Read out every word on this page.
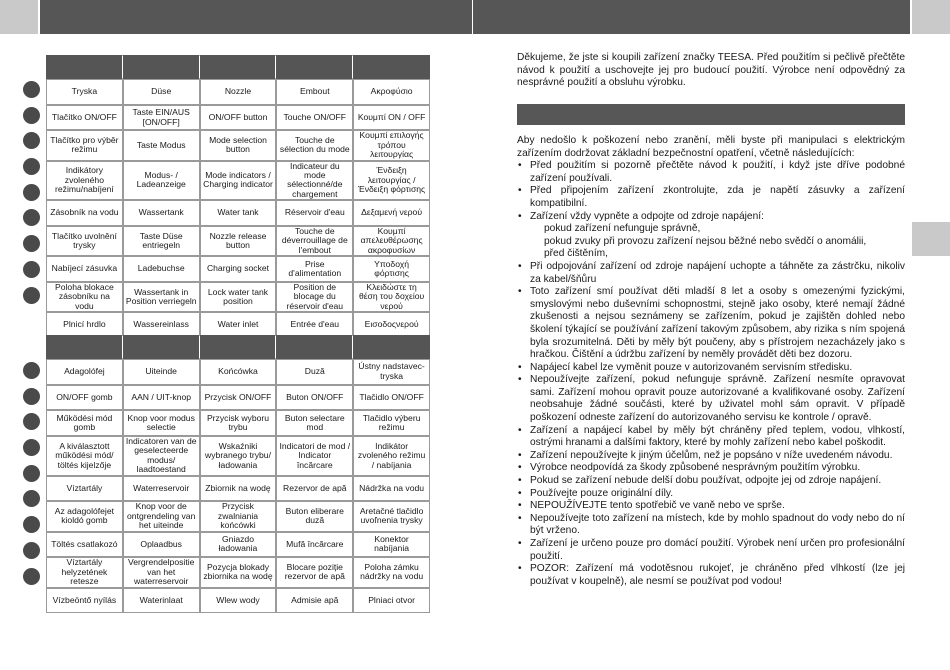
Tryska	Düse	Nozzle	Embout	Ακροφύσιο
Tlačítko ON/OFF	Taste EIN/AUS [ON/OFF]	ON/OFF button	Touche ON/OFF	Κουμπί ON / OFF
Tlačítko pro výběr režimu	Taste Modus	Mode selection button	Touche de sélection du mode	Κουμπί επιλογής τρόπου λειτουργίας
Indikátory zvoleného režimu/nabíjení	Modus- / Ladeanzeige	Mode indicators / Charging indicator	Indicateur du mode sélectionné/de chargement	Ένδειξη λειτουργίας / Ένδειξη φόρτισης
Zásobník na vodu	Wassertank	Water tank	Réservoir d'eau	Δεξαμενή νερού
Tlačítko uvolnění trysky	Taste Düse entriegeln	Nozzle release button	Touche de déverrouillage de l'embout	Κουμπί απελευθέρωσης ακροφυσίων
Nabíjecí zásuvka	Ladebuchse	Charging socket	Prise d'alimentation	Υποδοχή φόρτισης
Poloha blokace zásobníku na vodu	Wassertank in Position verriegeln	Lock water tank position	Position de blocage du réservoir d'eau	Κλειδώστε τη θέση του δοχείου νερού
Plnicí hrdlo	Wassereinlass	Water inlet	Entrée d'eau	Εισοδοςνερού

Adagolófej	Uiteinde	Końcówka	Duză	Ústny nadstavec-tryska
ON/OFF gomb	AAN / UIT-knop	Przycisk ON/OFF	Buton ON/OFF	Tlačidlo ON/OFF
Működési mód gomb	Knop voor modus selectie	Przycisk wyboru trybu	Buton selectare mod	Tlačidlo výberu režimu
A kiválasztott működési mód/ töltés kijelzője	Indicatoren van de geselecteerde modus/ laadtoestand	Wskaźniki wybranego trybu/ładowania	Indicatori de mod / Indicator încărcare	Indikátor zvoleného režimu / nabíjania
Víztartály	Waterreservoir	Zbiornik na wodę	Rezervor de apă	Nádržka na vodu
Az adagolófejet kioldó gomb	Knop voor de ontgrendeling van het uiteinde	Przycisk zwalniania końcówki	Buton eliberare duză	Aretačné tlačidlo uvoľnenia trysky
Töltés csatlakozó	Oplaadbus	Gniazdo ładowania	Mufă încărcare	Konektor nabíjania
Víztartály helyzetének retesze	Vergrendelpositie van het waterreservoir	Pozycja blokady zbiornika na wodę	Blocare poziție rezervor de apă	Poloha zámku nádržky na vodu
Vízbeöntő nyílás	Waterinlaat	Wlew wody	Admisie apă	Plniaci otvor

Děkujeme, že jste si koupili zařízení značky TEESA. Před použitím si pečlivě přečtěte návod k použití a uschovejte jej pro budoucí použití. Výrobce není odpovědný za nesprávné použití a obsluhu výrobku.

Aby nedošlo k poškození nebo zranění, měli byste při manipulaci s elektrickým zařízením dodržovat základní bezpečnostní opatření, včetně následujících:

• Před použitím si pozorně přečtěte návod k použití, i když jste dříve podobné zařízení používali.
• Před připojením zařízení zkontrolujte, zda je napětí zásuvky a zařízení kompatibilní.
• Zařízení vždy vypněte a odpojte od zdroje napájení:
pokud zařízení nefunguje správně,
pokud zvuky při provozu zařízení nejsou běžné nebo svědčí o anomálii,
před čištěním,
• Při odpojování zařízení od zdroje napájení uchopte a táhněte za zástrčku, nikoliv za kabel/šňůru
• Toto zařízení smí používat děti mladší 8 let a osoby s omezenými fyzickými, smyslovými nebo duševními schopnostmi, stejně jako osoby, které nemají žádné zkušenosti a nejsou seznámeny se zařízením, pokud je zajištěn dohled nebo školení týkající se používání zařízení takovým způsobem, aby rizika s ním spojená byla srozumitelná. Děti by měly být poučeny, aby s přístrojem nezacházely jako s hračkou. Čištění a údržbu zařízení by neměly provádět děti bez dozoru.
• Napájecí kabel lze vyměnit pouze v autorizovaném servisním středisku.
• Nepoužívejte zařízení, pokud nefunguje správně. Zařízení nesmíte opravovat sami. Zařízení mohou opravit pouze autorizované a kvalifikované osoby. Zařízení neobsahuje žádné součásti, které by uživatel mohl sám opravit. V případě poškození odneste zařízení do autorizovaného servisu ke kontrole / opravě.
• Zařízení a napájecí kabel by měly být chráněny před teplem, vodou, vlhkostí, ostrými hranami a dalšími faktory, které by mohly zařízení nebo kabel poškodit.
• Zařízení nepoužívejte k jiným účelům, než je popsáno v níže uvedeném návodu.
• Výrobce neodpovídá za škody způsobené nesprávným použitím výrobku.
• Pokud se zařízení nebude delší dobu používat, odpojte jej od zdroje napájení.
• Používejte pouze originální díly.
• NEPOUŽÍVEJTE tento spotřebič ve vaně nebo ve sprše.
• Nepoužívejte toto zařízení na místech, kde by mohlo spadnout do vody nebo do ní být vrženo.
• Zařízení je určeno pouze pro domácí použití. Výrobek není určen pro profesionální použití.
• POZOR: Zařízení má vodotěsnou rukojeť, je chráněno před vlhkostí (lze jej používat v koupelně), ale nesmí se používat pod vodou!
